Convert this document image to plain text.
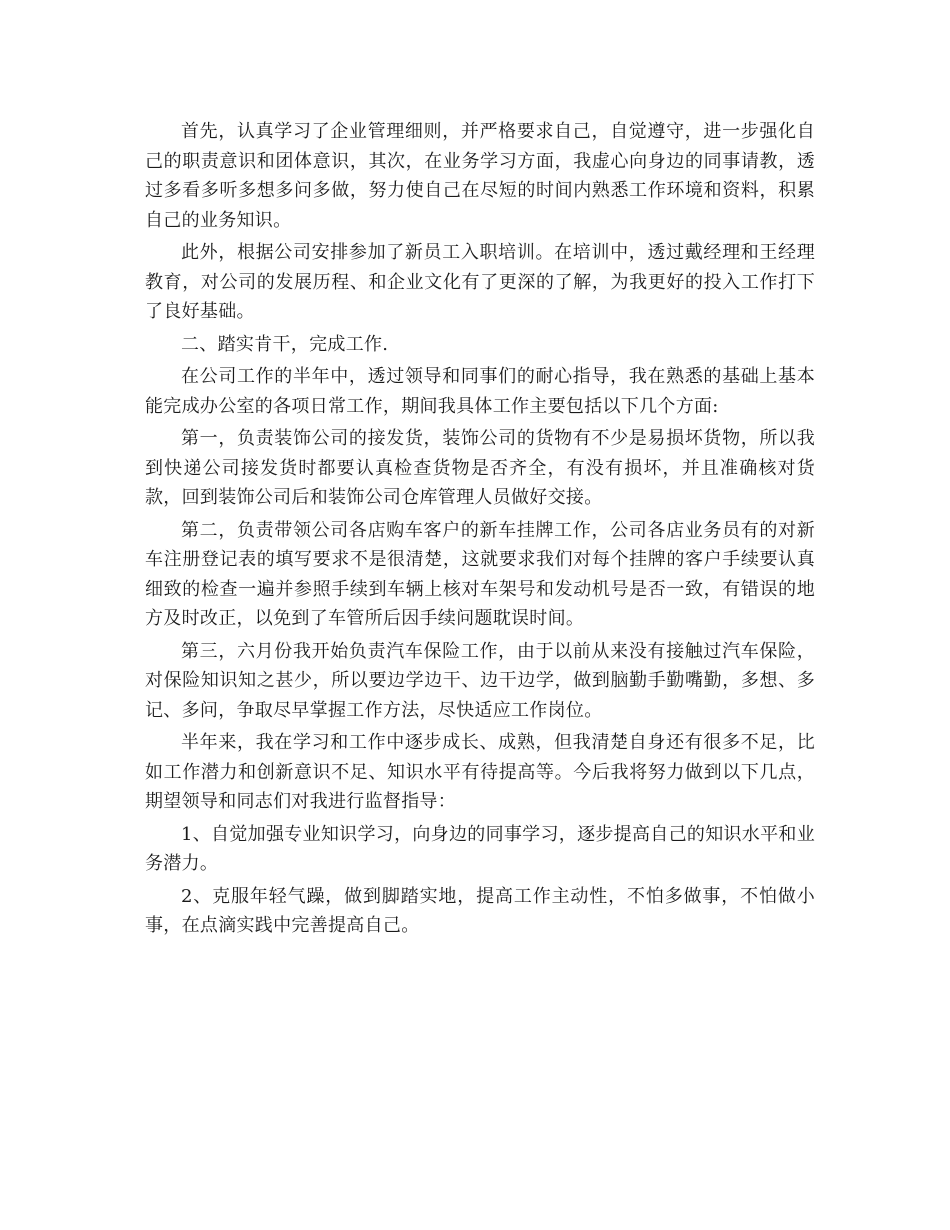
首先，认真学习了企业管理细则，并严格要求自己，自觉遵守，进一步强化自己的职责意识和团体意识，其次，在业务学习方面，我虚心向身边的同事请教，透过多看多听多想多问多做，努力使自己在尽短的时间内熟悉工作环境和资料，积累自己的业务知识。

此外，根据公司安排参加了新员工入职培训。在培训中，透过戴经理和王经理教育，对公司的发展历程、和企业文化有了更深的了解，为我更好的投入工作打下了良好基础。

二、踏实肯干，完成工作.

在公司工作的半年中，透过领导和同事们的耐心指导，我在熟悉的基础上基本能完成办公室的各项日常工作，期间我具体工作主要包括以下几个方面:

第一，负责装饰公司的接发货，装饰公司的货物有不少是易损坏货物，所以我到快递公司接发货时都要认真检查货物是否齐全，有没有损坏，并且准确核对货款，回到装饰公司后和装饰公司仓库管理人员做好交接。

第二，负责带领公司各店购车客户的新车挂牌工作，公司各店业务员有的对新车注册登记表的填写要求不是很清楚，这就要求我们对每个挂牌的客户手续要认真细致的检查一遍并参照手续到车辆上核对车架号和发动机号是否一致，有错误的地方及时改正，以免到了车管所后因手续问题耽误时间。

第三，六月份我开始负责汽车保险工作，由于以前从来没有接触过汽车保险，对保险知识知之甚少，所以要边学边干、边干边学，做到脑勤手勤嘴勤，多想、多记、多问，争取尽早掌握工作方法，尽快适应工作岗位。

半年来，我在学习和工作中逐步成长、成熟，但我清楚自身还有很多不足，比如工作潜力和创新意识不足、知识水平有待提高等。今后我将努力做到以下几点，期望领导和同志们对我进行监督指导：

1、自觉加强专业知识学习，向身边的同事学习，逐步提高自己的知识水平和业务潜力。

2、克服年轻气躁，做到脚踏实地，提高工作主动性，不怕多做事，不怕做小事，在点滴实践中完善提高自己。
